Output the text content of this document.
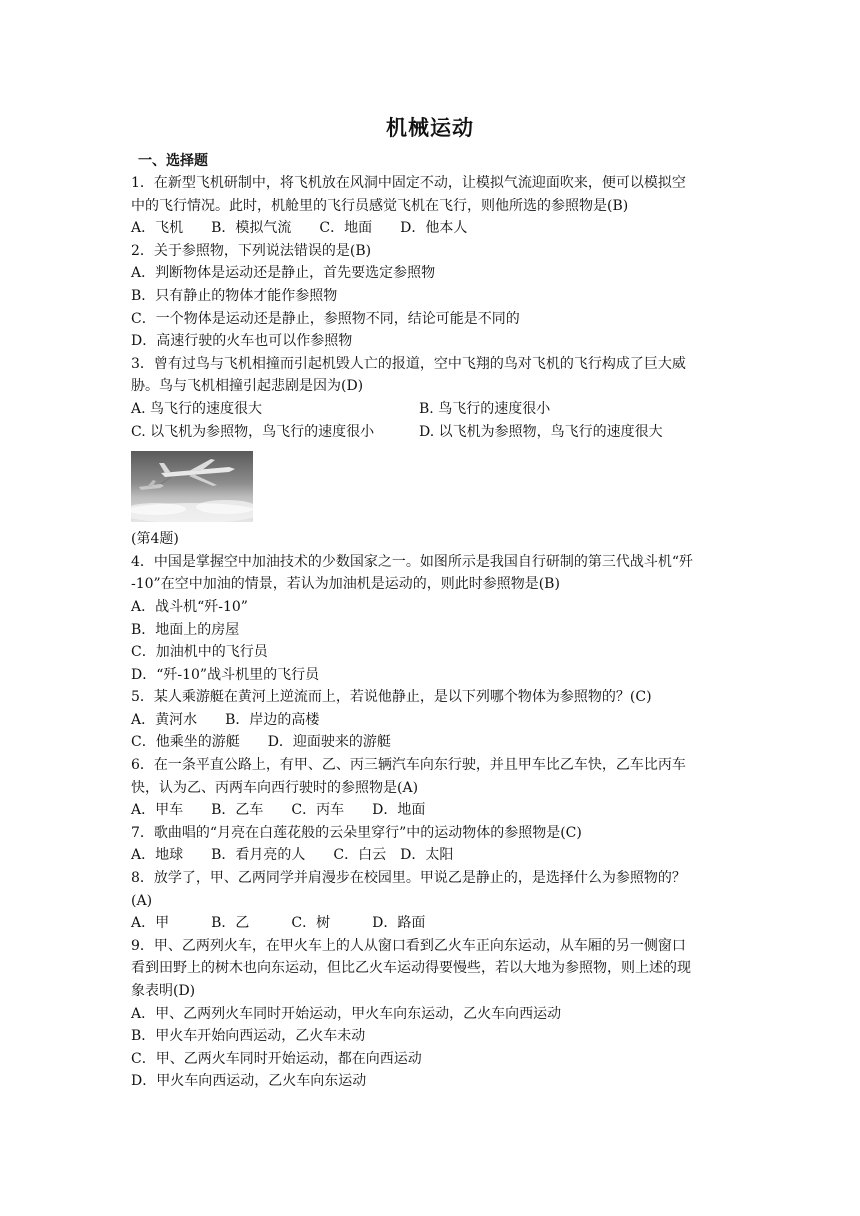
机械运动
一、选择题
1．在新型飞机研制中，将飞机放在风洞中固定不动，让模拟气流迎面吹来，便可以模拟空
中的飞行情况。此时，机舱里的飞行员感觉飞机在飞行，则他所选的参照物是(B)
A．飞机　　B．模拟气流　　C．地面　　D．他本人
2．关于参照物，下列说法错误的是(B)
A．判断物体是运动还是静止，首先要选定参照物
B．只有静止的物体才能作参照物
C．一个物体是运动还是静止，参照物不同，结论可能是不同的
D．高速行驶的火车也可以作参照物
3．曾有过鸟与飞机相撞而引起机毁人亡的报道，空中飞翔的鸟对飞机的飞行构成了巨大威
胁。鸟与飞机相撞引起悲剧是因为(D)
A. 鸟飞行的速度很大	B. 鸟飞行的速度很小
C. 以飞机为参照物，鸟飞行的速度很小	D. 以飞机为参照物，鸟飞行的速度很大
(第4题)
4．中国是掌握空中加油技术的少数国家之一。如图所示是我国自行研制的第三代战斗机“歼
-10”在空中加油的情景，若认为加油机是运动的，则此时参照物是(B)
A．战斗机“歼-10”
B．地面上的房屋
C．加油机中的飞行员
D．“歼-10”战斗机里的飞行员
5．某人乘游艇在黄河上逆流而上，若说他静止，是以下列哪个物体为参照物的？(C)
A．黄河水　　B．岸边的高楼
C．他乘坐的游艇　　D．迎面驶来的游艇
6．在一条平直公路上，有甲、乙、丙三辆汽车向东行驶，并且甲车比乙车快，乙车比丙车
快，认为乙、丙两车向西行驶时的参照物是(A)
A．甲车　　B．乙车　　C．丙车　　D．地面
7．歌曲唱的“月亮在白莲花般的云朵里穿行”中的运动物体的参照物是(C)
A．地球　　B．看月亮的人　　C．白云　D．太阳
8．放学了，甲、乙两同学并肩漫步在校园里。甲说乙是静止的，是选择什么为参照物的？
(A)
A．甲　　　B．乙　　　C．树　　　D．路面
9．甲、乙两列火车，在甲火车上的人从窗口看到乙火车正向东运动，从车厢的另一侧窗口
看到田野上的树木也向东运动，但比乙火车运动得要慢些，若以大地为参照物，则上述的现
象表明(D)
A．甲、乙两列火车同时开始运动，甲火车向东运动，乙火车向西运动
B．甲火车开始向西运动，乙火车未动
C．甲、乙两火车同时开始运动，都在向西运动
D．甲火车向西运动，乙火车向东运动
